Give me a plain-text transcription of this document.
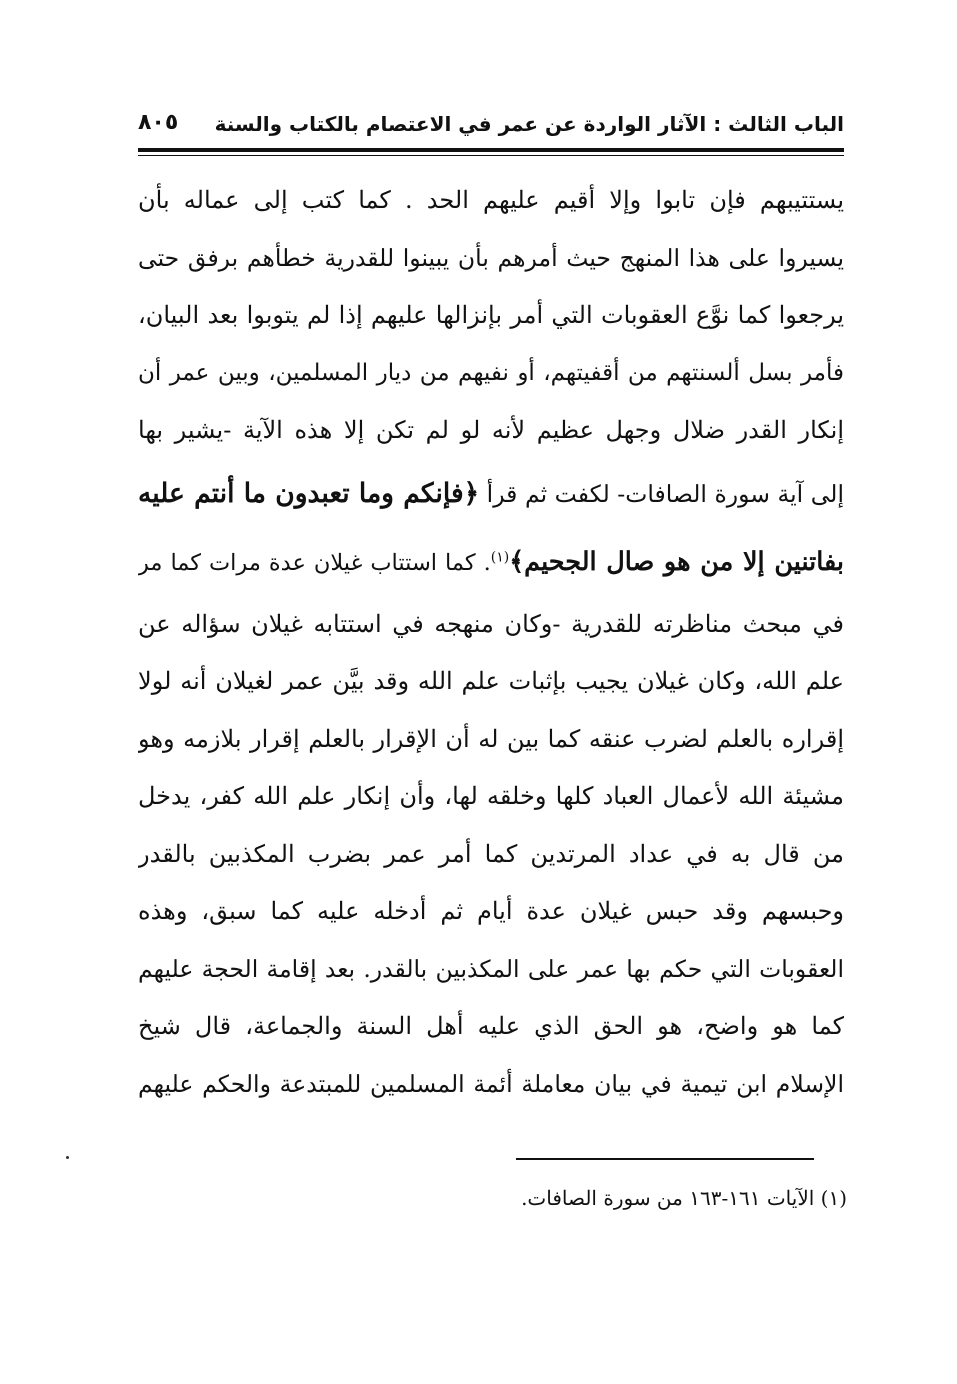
الباب الثالث : الآثار الواردة عن عمر في الاعتصام بالكتاب والسنة
٨٠٥
يستتيبهم فإن تابوا وإلا أقيم عليهم الحد . كما كتب إلى عماله بأن
يسيروا على هذا المنهج حيث أمرهم بأن يبينوا للقدرية خطأهم برفق حتى
يرجعوا كما نوَّع العقوبات التي أمر بإنزالها عليهم إذا لم يتوبوا بعد البيان،
فأمر بسل ألسنتهم من أقفيتهم، أو نفيهم من ديار المسلمين، وبين عمر أن
إنكار القدر ضلال وجهل عظيم لأنه لو لم تكن إلا هذه الآية -يشير بها
إلى آية سورة الصافات- لكفت ثم قرأ ﴿فإنكم وما تعبدون ما أنتم عليه
بفاتنين إلا من هو صال الجحيم﴾$^{(١)}$. كما استتاب غيلان عدة مرات كما مر
في مبحث مناظرته للقدرية -وكان منهجه في استتابه غيلان سؤاله عن
علم الله، وكان غيلان يجيب بإثبات علم الله وقد بيَّن عمر لغيلان أنه لولا
إقراره بالعلم لضرب عنقه كما بين له أن الإقرار بالعلم إقرار بلازمه وهو
مشيئة الله لأعمال العباد كلها وخلقه لها، وأن إنكار علم الله كفر، يدخل
من قال به في عداد المرتدين كما أمر عمر بضرب المكذبين بالقدر
وحبسهم وقد حبس غيلان عدة أيام ثم أدخله عليه كما سبق، وهذه
العقوبات التي حكم بها عمر على المكذبين بالقدر. بعد إقامة الحجة عليهم
كما هو واضح، هو الحق الذي عليه أهل السنة والجماعة، قال شيخ
الإسلام ابن تيمية في بيان معاملة أئمة المسلمين للمبتدعة والحكم عليهم
(١) الآيات ١٦١-١٦٣ من سورة الصافات.
